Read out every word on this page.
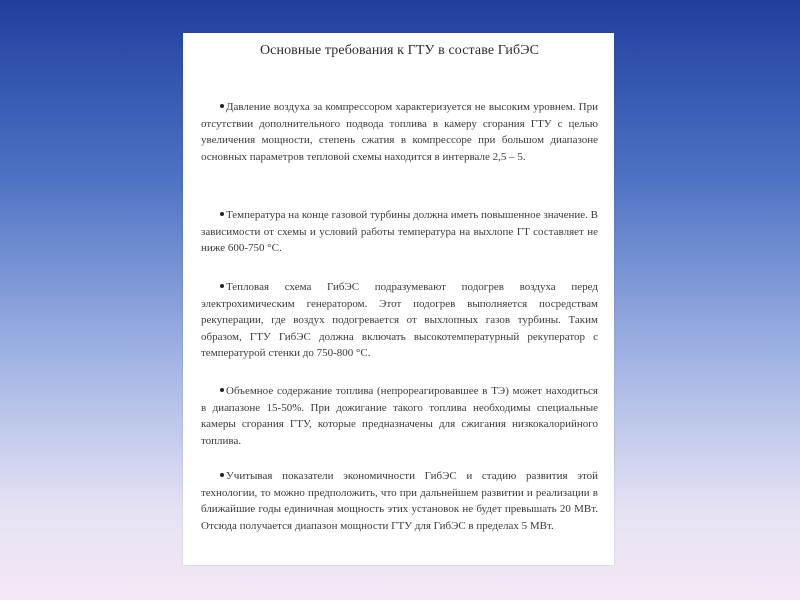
Основные требования к ГТУ в составе ГибЭС
Давление воздуха за компрессором характеризуется не высоким уровнем. При отсутствии дополнительного подвода топлива в камеру сгорания ГТУ с целью увеличения мощности, степень сжатия в компрессоре при большом диапазоне основных параметров тепловой схемы находится в интервале 2,5 – 5.
Температура на конце газовой турбины должна иметь повышенное значение. В зависимости от схемы и условий работы температура на выхлопе ГТ составляет не ниже 600-750 °С.
Тепловая схема ГибЭС подразумевают подогрев воздуха перед электрохимическим генератором. Этот подогрев выполняется посредствам рекуперации, где воздух подогревается от выхлопных газов турбины. Таким образом, ГТУ ГибЭС должна включать высокотемпературный рекуператор с температурой стенки до 750-800 °С.
Объемное содержание топлива (непрореагировавшее в ТЭ) может находиться в диапазоне 15-50%. При дожигание такого топлива необходимы специальные камеры сгорания ГТУ, которые предназначены для сжигания низкокалорийного топлива.
Учитывая показатели экономичности ГибЭС и стадию развития этой технологии, то можно предположить, что при дальнейшем развитии и реализации в ближайшие годы единичная мощность этих установок не будет превышать 20 МВт. Отсюда получается диапазон мощности ГТУ для ГибЭС в пределах 5 МВт.
